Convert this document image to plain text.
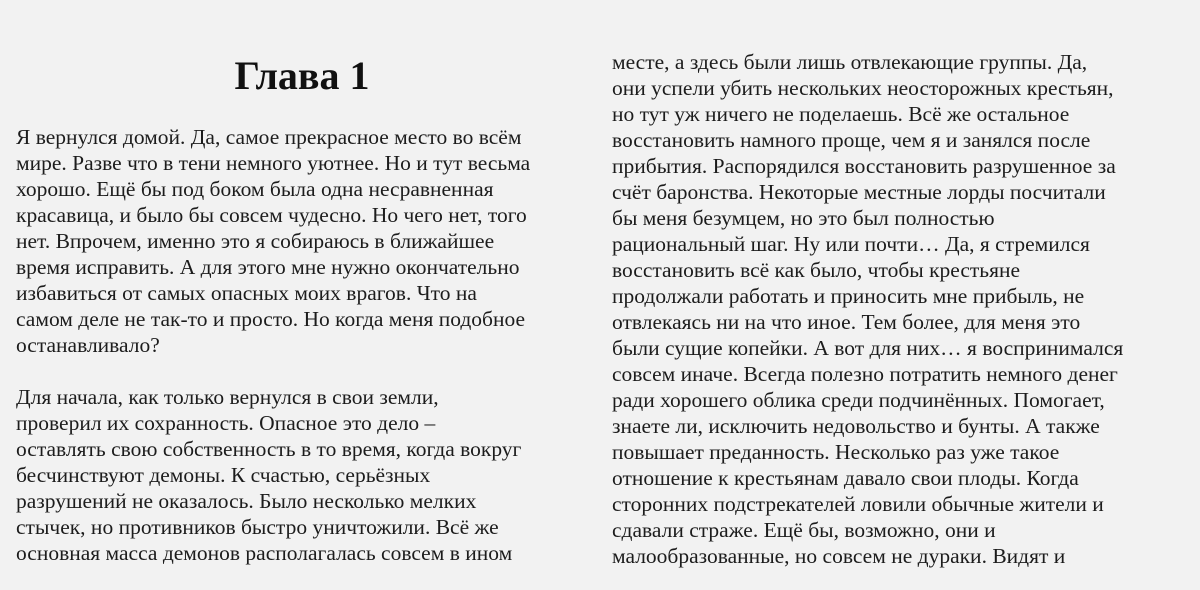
Глава 1

Я вернулся домой. Да, самое прекрасное место во всём
мире. Разве что в тени немного уютнее. Но и тут весьма
хорошо. Ещё бы под боком была одна несравненная
красавица, и было бы совсем чудесно. Но чего нет, того
нет. Впрочем, именно это я собираюсь в ближайшее
время исправить. А для этого мне нужно окончательно
избавиться от самых опасных моих врагов. Что на
самом деле не так-то и просто. Но когда меня подобное
останавливало?

Для начала, как только вернулся в свои земли,
проверил их сохранность. Опасное это дело –
оставлять свою собственность в то время, когда вокруг
бесчинствуют демоны. К счастью, серьёзных
разрушений не оказалось. Было несколько мелких
стычек, но противников быстро уничтожили. Всё же
основная масса демонов располагалась совсем в ином

месте, а здесь были лишь отвлекающие группы. Да,
они успели убить нескольких неосторожных крестьян,
но тут уж ничего не поделаешь. Всё же остальное
восстановить намного проще, чем я и занялся после
прибытия. Распорядился восстановить разрушенное за
счёт баронства. Некоторые местные лорды посчитали
бы меня безумцем, но это был полностью
рациональный шаг. Ну или почти… Да, я стремился
восстановить всё как было, чтобы крестьяне
продолжали работать и приносить мне прибыль, не
отвлекаясь ни на что иное. Тем более, для меня это
были сущие копейки. А вот для них… я воспринимался
совсем иначе. Всегда полезно потратить немного денег
ради хорошего облика среди подчинённых. Помогает,
знаете ли, исключить недовольство и бунты. А также
повышает преданность. Несколько раз уже такое
отношение к крестьянам давало свои плоды. Когда
сторонних подстрекателей ловили обычные жители и
сдавали страже. Ещё бы, возможно, они и
малообразованные, но совсем не дураки. Видят и
